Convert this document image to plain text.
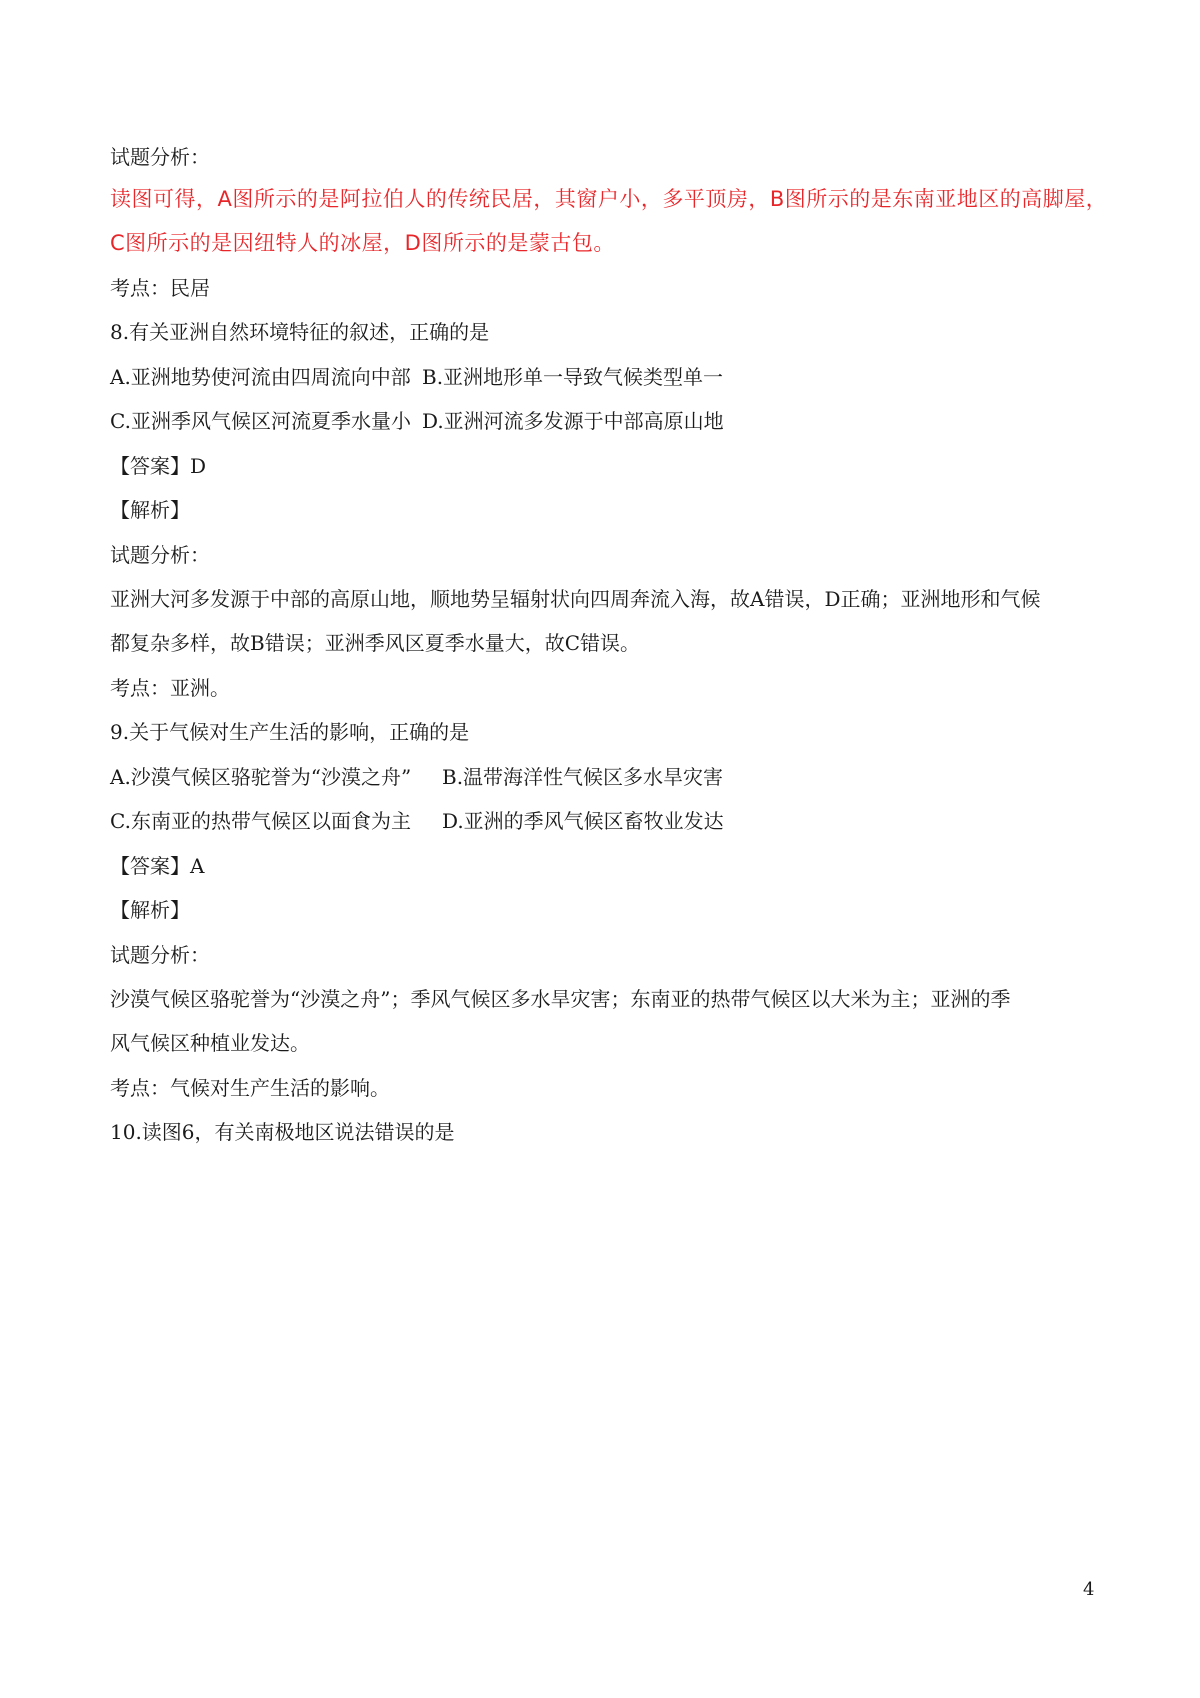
试题分析：
读图可得，A图所示的是阿拉伯人的传统民居，其窗户小，多平顶房，B图所示的是东南亚地区的高脚屋，
C图所示的是因纽特人的冰屋，D图所示的是蒙古包。
考点：民居
8.有关亚洲自然环境特征的叙述，正确的是
A.亚洲地势使河流由四周流向中部 B.亚洲地形单一导致气候类型单一
C.亚洲季风气候区河流夏季水量小 D.亚洲河流多发源于中部高原山地
【答案】D
【解析】
试题分析：
亚洲大河多发源于中部的高原山地，顺地势呈辐射状向四周奔流入海，故A错误，D正确；亚洲地形和气候
都复杂多样，故B错误；亚洲季风区夏季水量大，故C错误。
考点：亚洲。
9.关于气候对生产生活的影响，正确的是
A.沙漠气候区骆驼誉为“沙漠之舟” B.温带海洋性气候区多水旱灾害
C.东南亚的热带气候区以面食为主 D.亚洲的季风气候区畜牧业发达
【答案】A
【解析】
试题分析：
沙漠气候区骆驼誉为“沙漠之舟”；季风气候区多水旱灾害；东南亚的热带气候区以大米为主；亚洲的季
风气候区种植业发达。
考点：气候对生产生活的影响。
10.读图6，有关南极地区说法错误的是
4
